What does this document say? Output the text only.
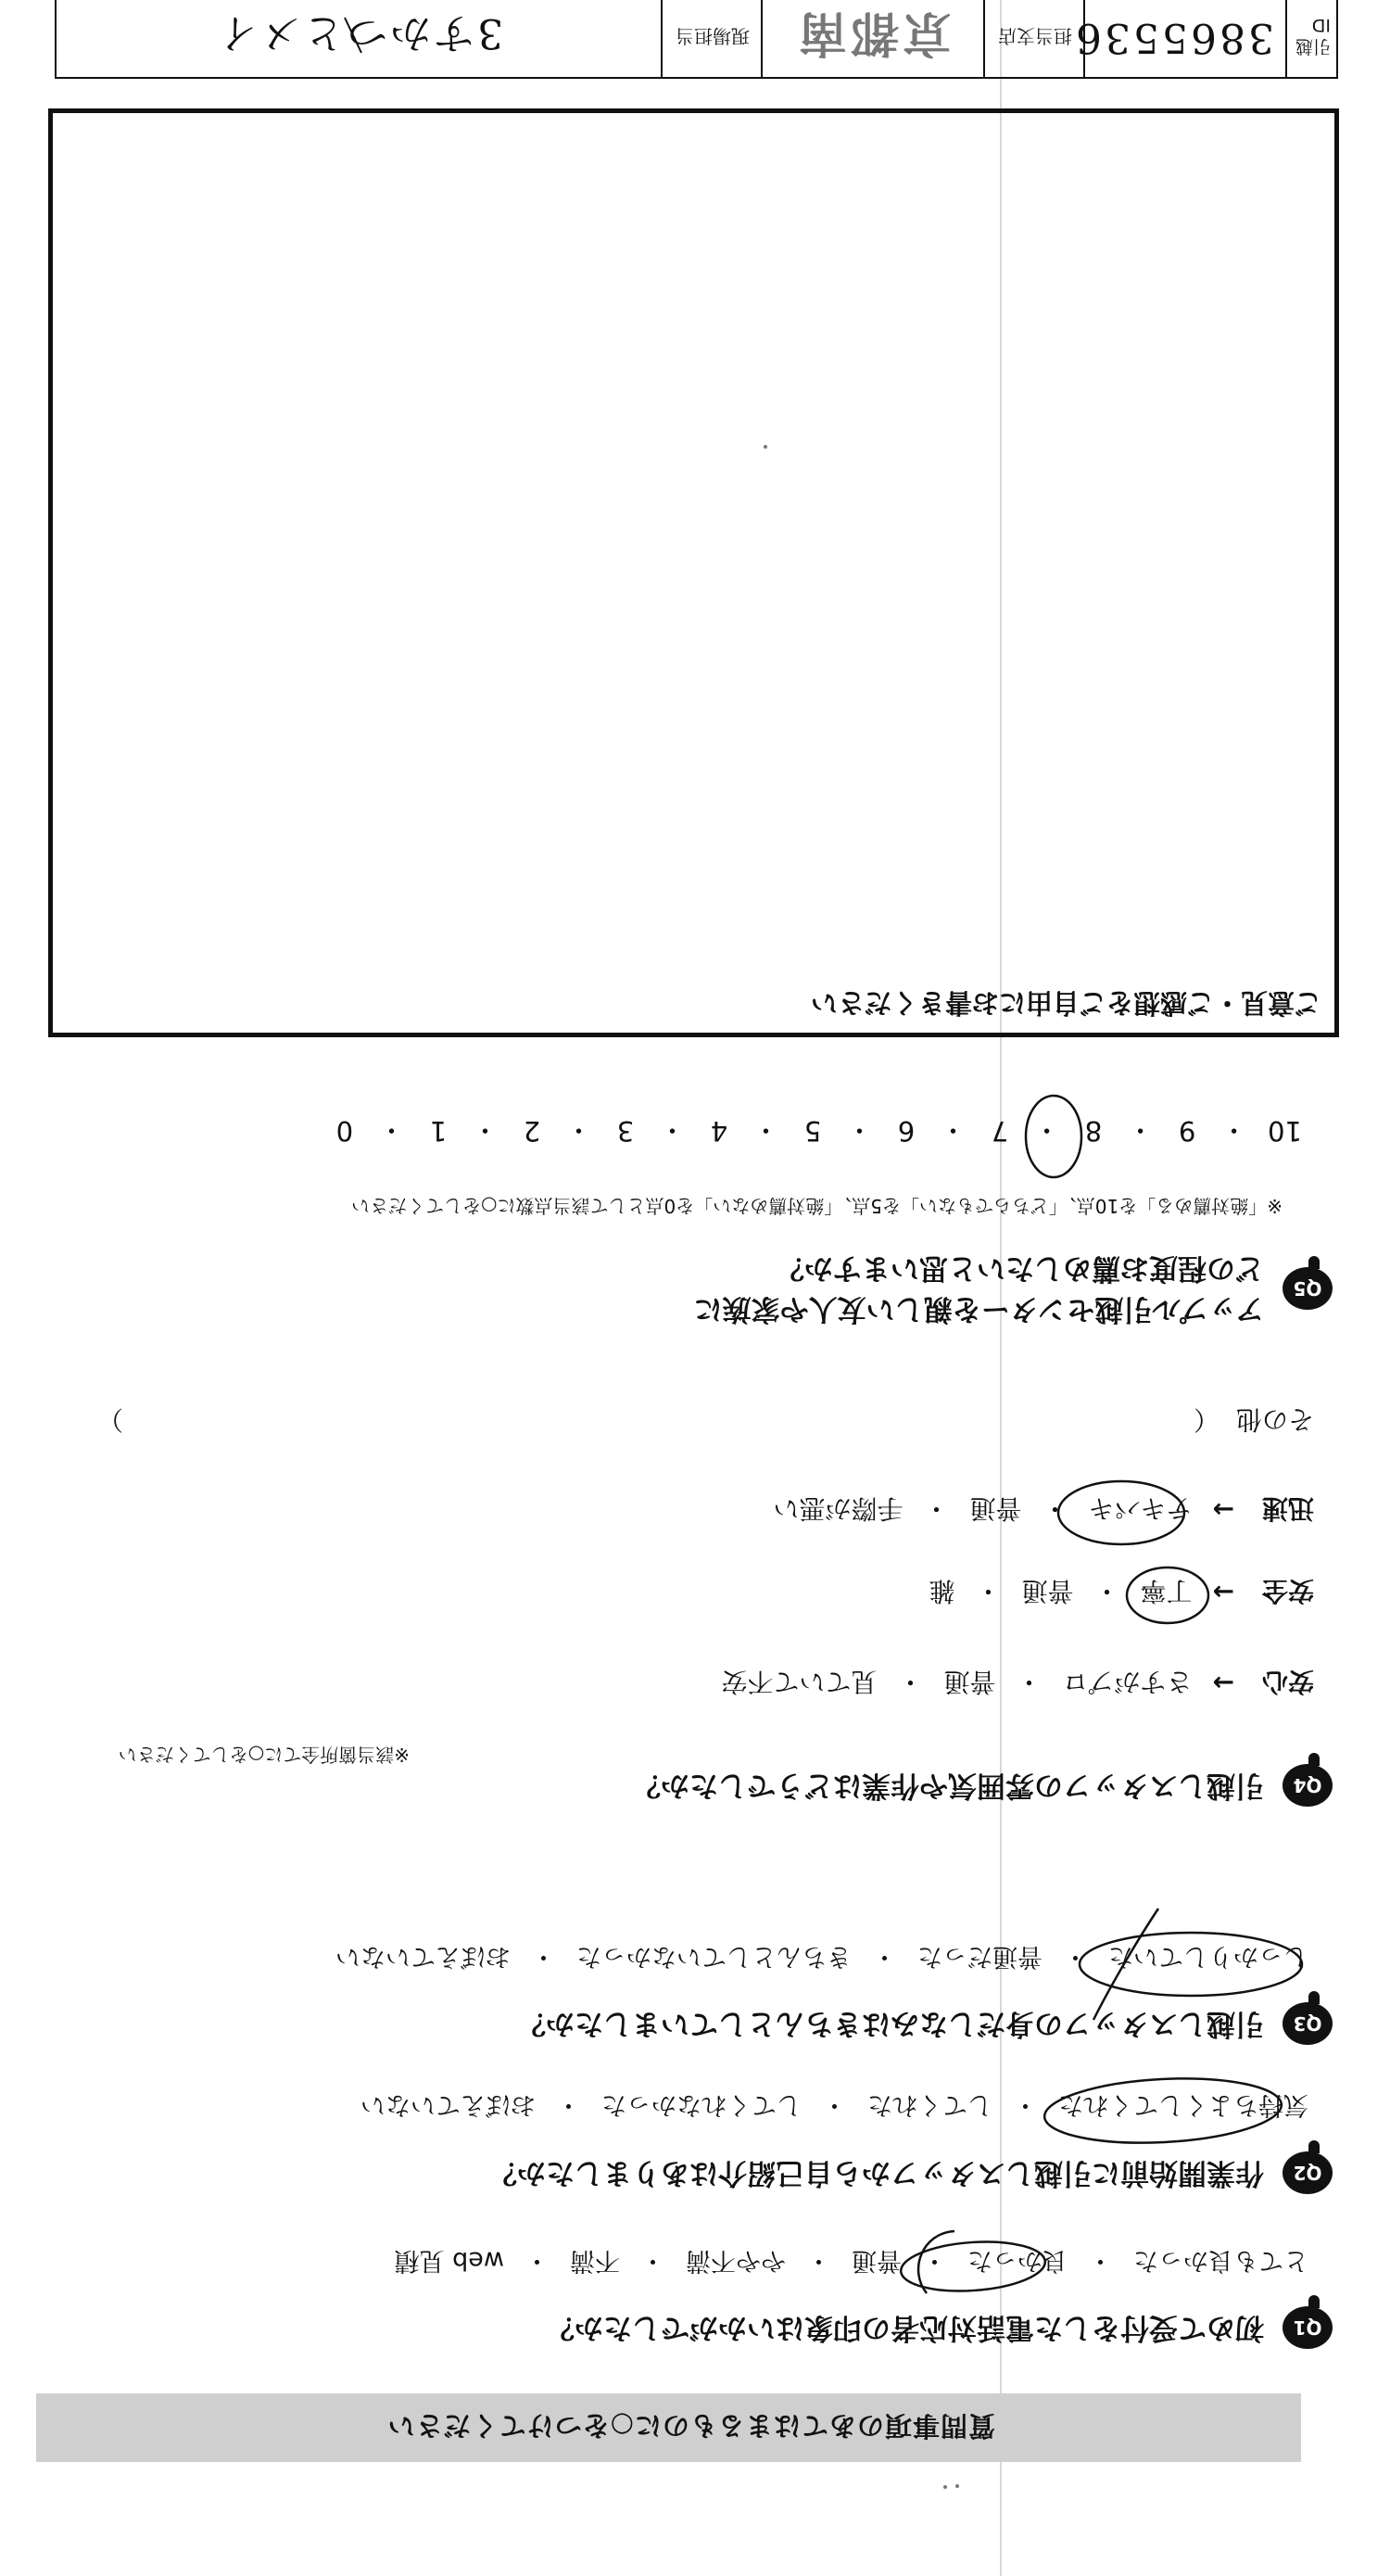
質問事項のあてはまるものに○をつけてください
Q1
初めて受付をした電話対応者の印象はいかがでしたか？
とても良かった
・
良かった
・
普通
・
やや不満
・
不満
・
web 見積
Q2
作業開始前に引越しスタッフから自己紹介はありましたか？
気持ちよくしてくれた
・
してくれた
・
してくれなかった
・
おぼえていない
Q3
引越しスタッフの身だしなみはきちんとしていましたか？
しっかりしていた
・
普通だった
・
きちんとしていなかった
・
おぼえていない
Q4
引越しスタッフの雰囲気や作業はどうでしたか？
※該当箇所全てに○をしてください
安心
→
さすがプロ
・
普通
・
見ていて不安
安全
→
丁寧
・
普通
・
雑
迅速
→
テキパキ
・
普通
・
手際が悪い
その他
（
）
Q5
アップル引越センターを親しい友人や家族に
どの程度お薦めしたいと思いますか？
※「絶対薦める」を10点、「どちらでもない」を5点、「絶対薦めない」を0点として該当点数に○をしてください
10
・
9
・
8
・
7
・
6
・
5
・
4
・
3
・
2
・
1
・
0
ご意見・ご感想をご自由にお書きください
引越 ID
3865536
担当支店
京都南
現場担当
3すかつとメイ
